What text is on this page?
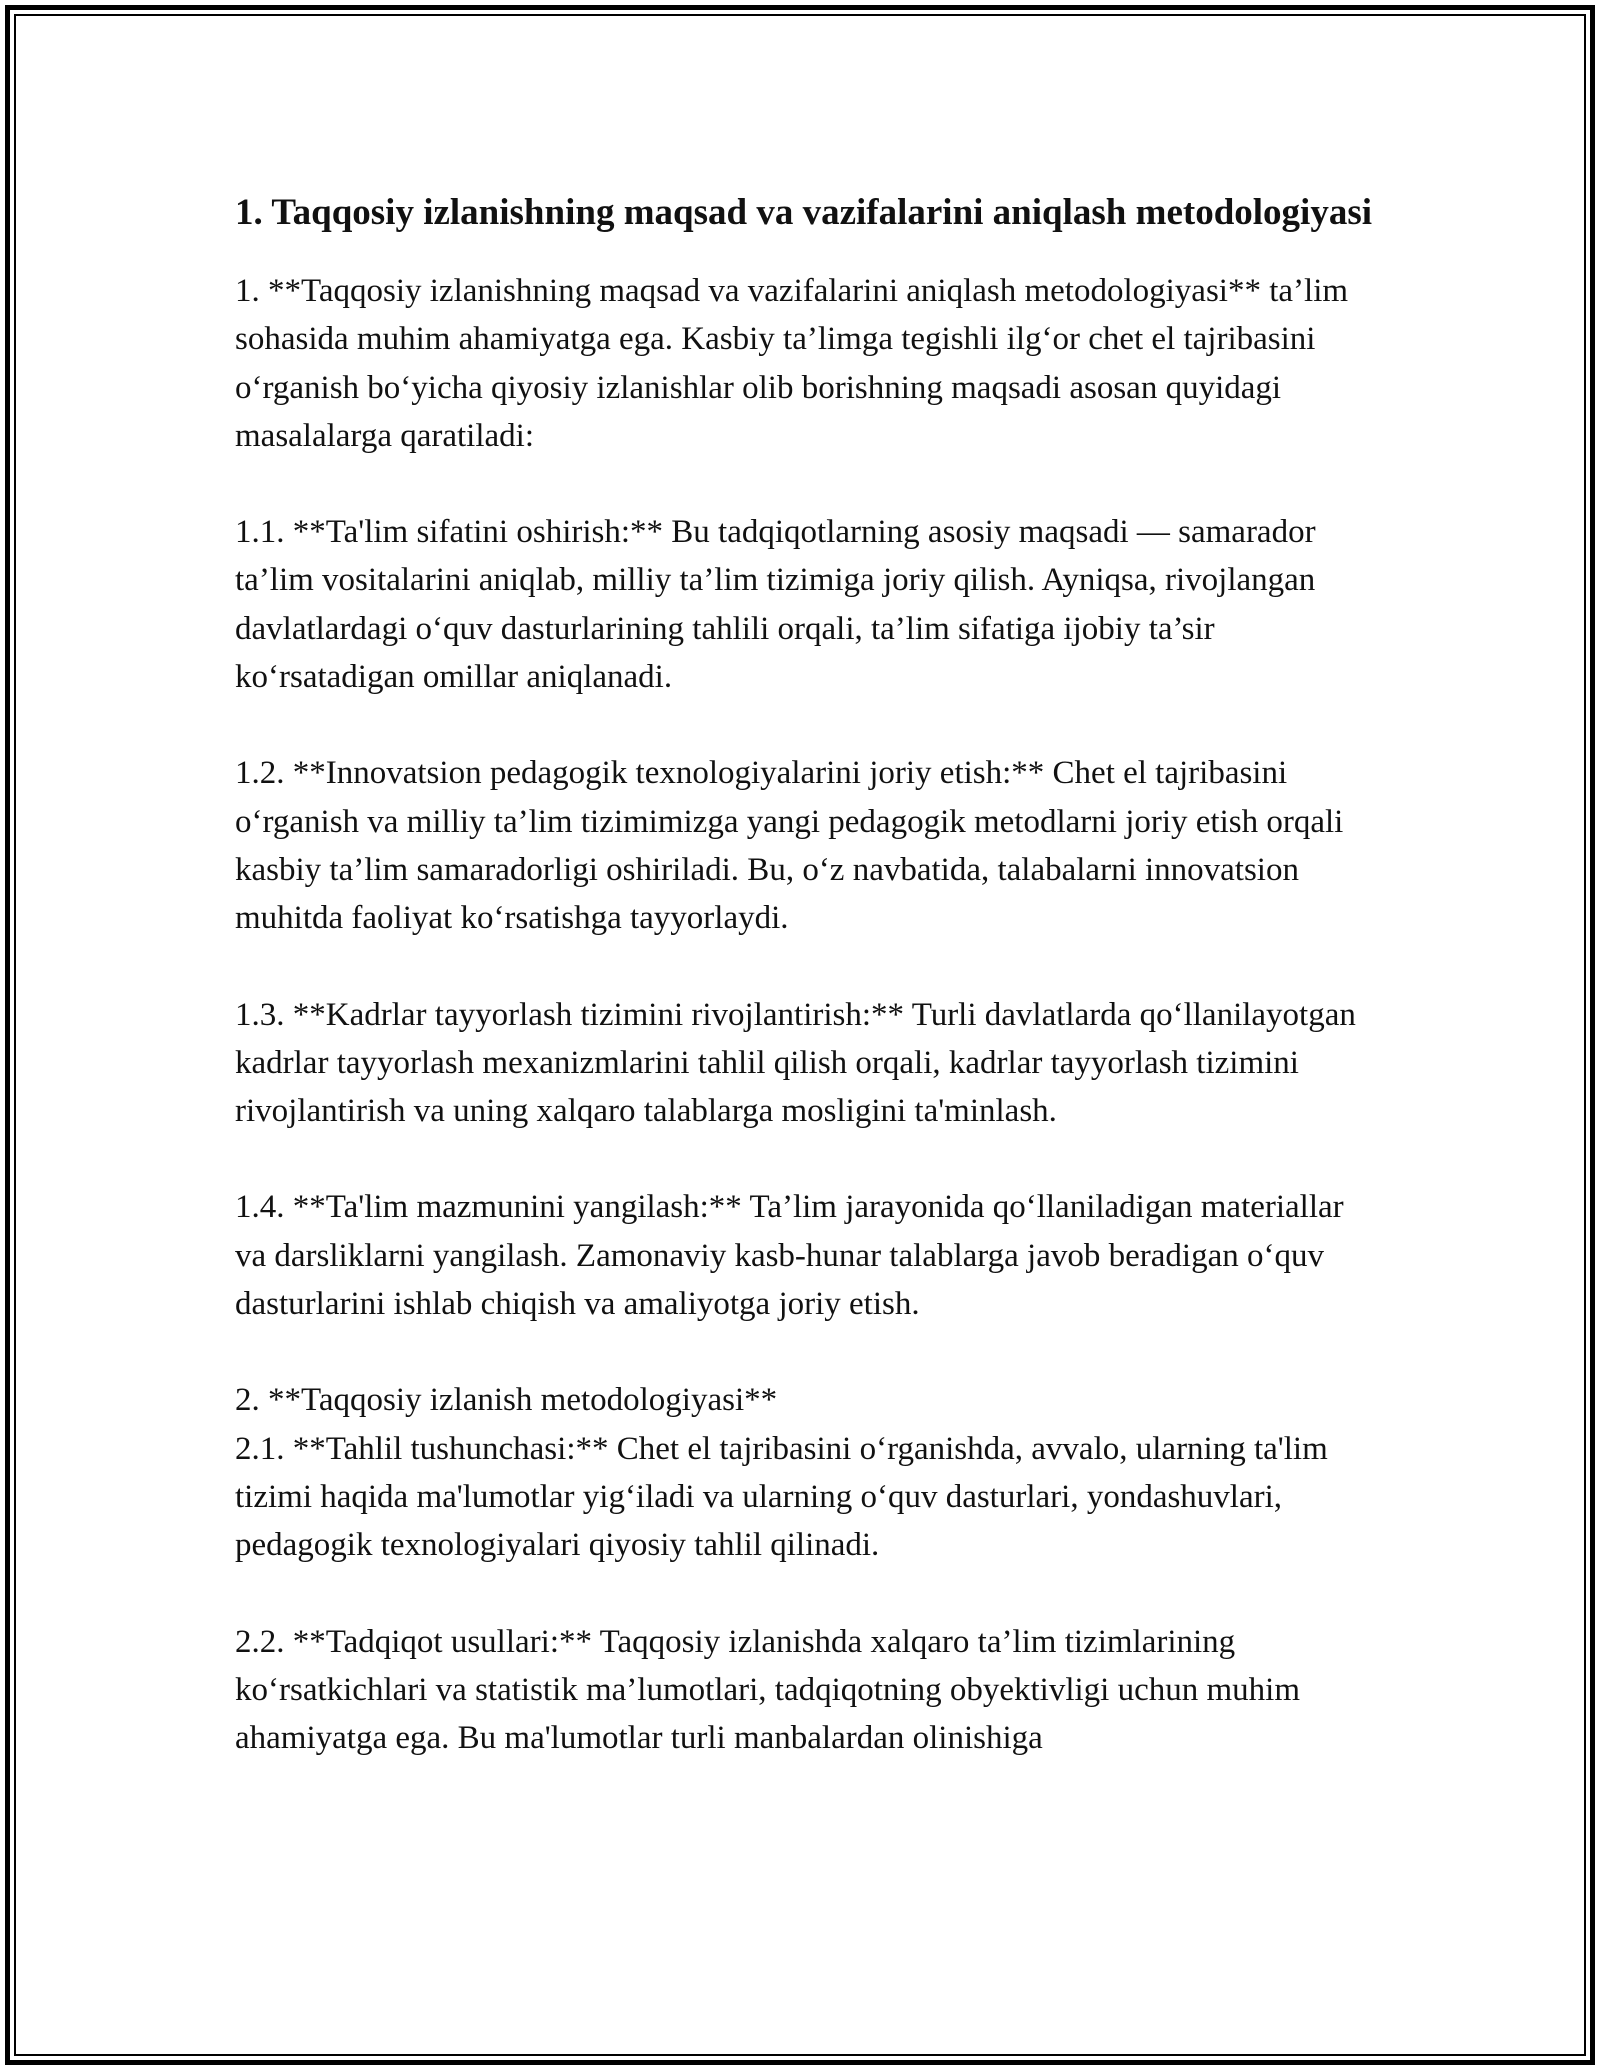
1. Taqqosiy izlanishning maqsad va vazifalarini aniqlash metodologiyasi

1. **Taqqosiy izlanishning maqsad va vazifalarini aniqlash metodologiyasi** ta’lim sohasida muhim ahamiyatga ega. Kasbiy ta’limga tegishli ilg‘or chet el tajribasini o‘rganish bo‘yicha qiyosiy izlanishlar olib borishning maqsadi asosan quyidagi masalalarga qaratiladi:

1.1. **Ta'lim sifatini oshirish:** Bu tadqiqotlarning asosiy maqsadi — samarador ta’lim vositalarini aniqlab, milliy ta’lim tizimiga joriy qilish. Ayniqsa, rivojlangan davlatlardagi o‘quv dasturlarining tahlili orqali, ta’lim sifatiga ijobiy ta’sir ko‘rsatadigan omillar aniqlanadi.

1.2. **Innovatsion pedagogik texnologiyalarini joriy etish:** Chet el tajribasini o‘rganish va milliy ta’lim tizimimizga yangi pedagogik metodlarni joriy etish orqali kasbiy ta’lim samaradorligi oshiriladi. Bu, o‘z navbatida, talabalarni innovatsion muhitda faoliyat ko‘rsatishga tayyorlaydi.

1.3. **Kadrlar tayyorlash tizimini rivojlantirish:** Turli davlatlarda qo‘llanilayotgan kadrlar tayyorlash mexanizmlarini tahlil qilish orqali, kadrlar tayyorlash tizimini rivojlantirish va uning xalqaro talablarga mosligini ta'minlash.

1.4. **Ta'lim mazmunini yangilash:** Ta’lim jarayonida qo‘llaniladigan materiallar va darsliklarni yangilash. Zamonaviy kasb-hunar talablarga javob beradigan o‘quv dasturlarini ishlab chiqish va amaliyotga joriy etish.

2. **Taqqosiy izlanish metodologiyasi**

2.1. **Tahlil tushunchasi:** Chet el tajribasini o‘rganishda, avvalo, ularning ta'lim tizimi haqida ma'lumotlar yig‘iladi va ularning o‘quv dasturlari, yondashuvlari, pedagogik texnologiyalari qiyosiy tahlil qilinadi.

2.2. **Tadqiqot usullari:** Taqqosiy izlanishda xalqaro ta’lim tizimlarining ko‘rsatkichlari va statistik ma’lumotlari, tadqiqotning obyektivligi uchun muhim ahamiyatga ega. Bu ma'lumotlar turli manbalardan olinishiga
